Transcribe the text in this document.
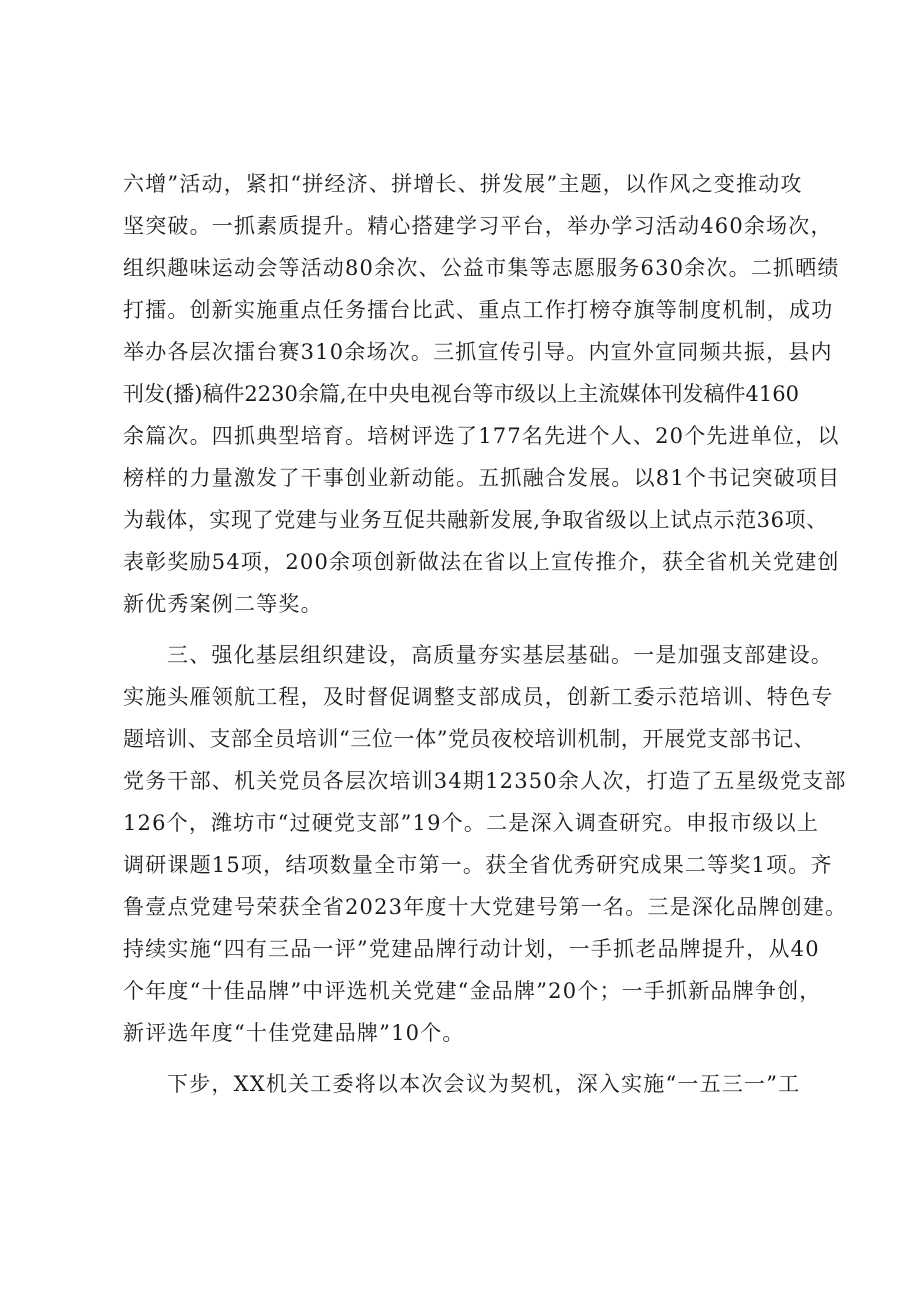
六增”活动，紧扣“拼经济、拼增长、拼发展”主题，以作风之变推动攻
坚突破。一抓素质提升。精心搭建学习平台，举办学习活动460余场次，
组织趣味运动会等活动80余次、公益市集等志愿服务630余次。二抓晒绩
打擂。创新实施重点任务擂台比武、重点工作打榜夺旗等制度机制，成功
举办各层次擂台赛310余场次。三抓宣传引导。内宣外宣同频共振，县内
刊发(播)稿件2230余篇,在中央电视台等市级以上主流媒体刊发稿件4160
余篇次。四抓典型培育。培树评选了177名先进个人、20个先进单位，以
榜样的力量激发了干事创业新动能。五抓融合发展。以81个书记突破项目
为载体，实现了党建与业务互促共融新发展,争取省级以上试点示范36项、
表彰奖励54项，200余项创新做法在省以上宣传推介，获全省机关党建创
新优秀案例二等奖。
三、强化基层组织建设，高质量夯实基层基础。一是加强支部建设。
实施头雁领航工程，及时督促调整支部成员，创新工委示范培训、特色专
题培训、支部全员培训“三位一体”党员夜校培训机制，开展党支部书记、
党务干部、机关党员各层次培训34期12350余人次，打造了五星级党支部
126个，潍坊市“过硬党支部”19个。二是深入调查研究。申报市级以上
调研课题15项，结项数量全市第一。获全省优秀研究成果二等奖1项。齐
鲁壹点党建号荣获全省2023年度十大党建号第一名。三是深化品牌创建。
持续实施“四有三品一评”党建品牌行动计划，一手抓老品牌提升，从40
个年度“十佳品牌”中评选机关党建“金品牌”20个；一手抓新品牌争创，
新评选年度“十佳党建品牌”10个。
下步，XX机关工委将以本次会议为契机，深入实施“一五三一”工
